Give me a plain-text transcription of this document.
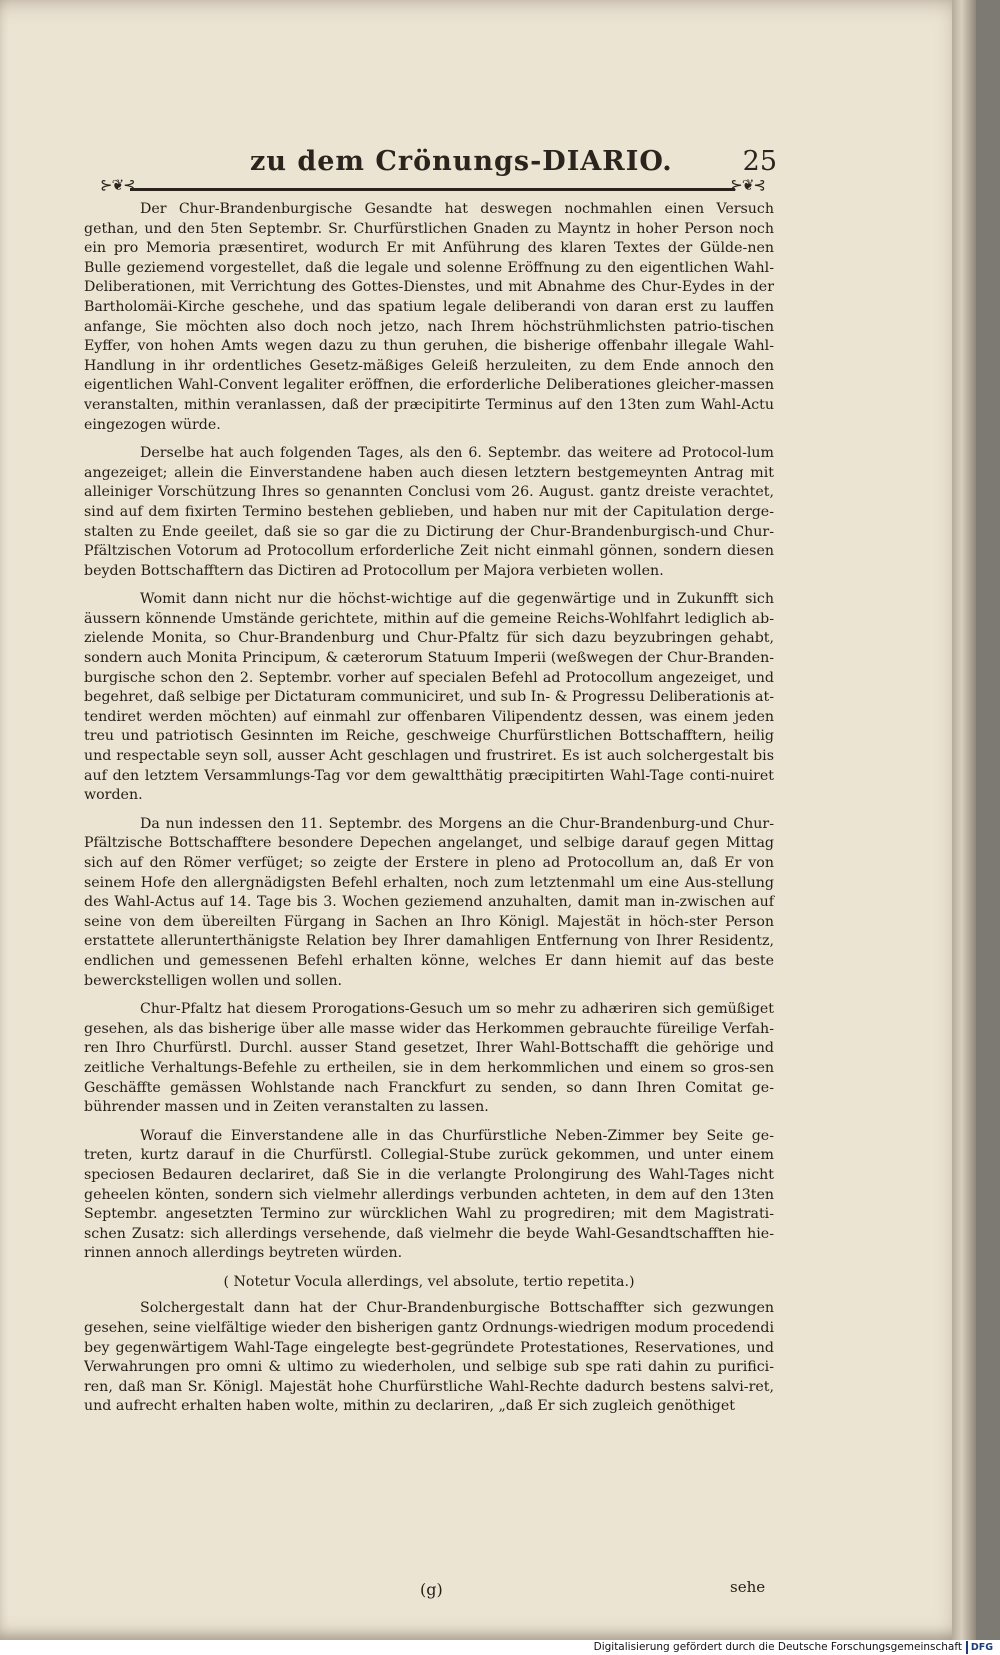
zu dem Crönungs-DIARIO.	25
⊱❦⊰	⊱❦⊰

Der Chur-Brandenburgische Gesandte hat deswegen nochmahlen einen Versuch gethan, und den 5ten Septembr. Sr. Churfürstlichen Gnaden zu Mayntz in hoher Person noch ein pro Memoria præsentiret, wodurch Er mit Anführung des klaren Textes der Gülde-nen Bulle geziemend vorgestellet, daß die legale und solenne Eröffnung zu den eigentlichen Wahl-Deliberationen, mit Verrichtung des Gottes-Dienstes, und mit Abnahme des Chur-Eydes in der Bartholomäi-Kirche geschehe, und das spatium legale deliberandi von daran erst zu lauffen anfange, Sie möchten also doch noch jetzo, nach Ihrem höchstrühmlichsten patrio-tischen Eyffer, von hohen Amts wegen dazu zu thun geruhen, die bisherige offenbahr illegale Wahl-Handlung in ihr ordentliches Gesetz-mäßiges Geleiß herzuleiten, zu dem Ende annoch den eigentlichen Wahl-Convent legaliter eröffnen, die erforderliche Deliberationes gleicher-massen veranstalten, mithin veranlassen, daß der præcipitirte Terminus auf den 13ten zum Wahl-Actu eingezogen würde.

Derselbe hat auch folgenden Tages, als den 6. Septembr. das weitere ad Protocol-lum angezeiget; allein die Einverstandene haben auch diesen letztern bestgemeynten Antrag mit alleiniger Vorschützung Ihres so genannten Conclusi vom 26. August. gantz dreiste verachtet, sind auf dem fixirten Termino bestehen geblieben, und haben nur mit der Capitulation derge-stalten zu Ende geeilet, daß sie so gar die zu Dictirung der Chur-Brandenburgisch-und Chur-Pfältzischen Votorum ad Protocollum erforderliche Zeit nicht einmahl gönnen, sondern diesen beyden Bottschafftern das Dictiren ad Protocollum per Majora verbieten wollen.

Womit dann nicht nur die höchst-wichtige auf die gegenwärtige und in Zukunfft sich äussern könnende Umstände gerichtete, mithin auf die gemeine Reichs-Wohlfahrt lediglich ab-zielende Monita, so Chur-Brandenburg und Chur-Pfaltz für sich dazu beyzubringen gehabt, sondern auch Monita Principum, & cæterorum Statuum Imperii (weßwegen der Chur-Branden-burgische schon den 2. Septembr. vorher auf specialen Befehl ad Protocollum angezeiget, und begehret, daß selbige per Dictaturam communiciret, und sub In- & Progressu Deliberationis at-tendiret werden möchten) auf einmahl zur offenbaren Vilipendentz dessen, was einem jeden treu und patriotisch Gesinnten im Reiche, geschweige Churfürstlichen Bottschafftern, heilig und respectable seyn soll, ausser Acht geschlagen und frustriret. Es ist auch solchergestalt bis auf den letztem Versammlungs-Tag vor dem gewaltthätig præcipitirten Wahl-Tage conti-nuiret worden.

Da nun indessen den 11. Septembr. des Morgens an die Chur-Brandenburg-und Chur-Pfältzische Bottschafftere besondere Depechen angelanget, und selbige darauf gegen Mittag sich auf den Römer verfüget; so zeigte der Erstere in pleno ad Protocollum an, daß Er von seinem Hofe den allergnädigsten Befehl erhalten, noch zum letztenmahl um eine Aus-stellung des Wahl-Actus auf 14. Tage bis 3. Wochen geziemend anzuhalten, damit man in-zwischen auf seine von dem übereilten Fürgang in Sachen an Ihro Königl. Majestät in höch-ster Person erstattete allerunterthänigste Relation bey Ihrer damahligen Entfernung von Ihrer Residentz, endlichen und gemessenen Befehl erhalten könne, welches Er dann hiemit auf das beste bewerckstelligen wollen und sollen.

Chur-Pfaltz hat diesem Prorogations-Gesuch um so mehr zu adhæriren sich gemüßiget gesehen, als das bisherige über alle masse wider das Herkommen gebrauchte füreilige Verfah-ren Ihro Churfürstl. Durchl. ausser Stand gesetzet, Ihrer Wahl-Bottschafft die gehörige und zeitliche Verhaltungs-Befehle zu ertheilen, sie in dem herkommlichen und einem so gros-sen Geschäffte gemässen Wohlstande nach Franckfurt zu senden, so dann Ihren Comitat ge-bührender massen und in Zeiten veranstalten zu lassen.

Worauf die Einverstandene alle in das Churfürstliche Neben-Zimmer bey Seite ge-treten, kurtz darauf in die Churfürstl. Collegial-Stube zurück gekommen, und unter einem speciosen Bedauren declariret, daß Sie in die verlangte Prolongirung des Wahl-Tages nicht geheelen könten, sondern sich vielmehr allerdings verbunden achteten, in dem auf den 13ten Septembr. angesetzten Termino zur würcklichen Wahl zu progrediren; mit dem Magistrati-schen Zusatz: sich allerdings versehende, daß vielmehr die beyde Wahl-Gesandtschafften hie-rinnen annoch allerdings beytreten würden.

( Notetur Vocula allerdings, vel absolute, tertio repetita.)

Solchergestalt dann hat der Chur-Brandenburgische Bottschaffter sich gezwungen gesehen, seine vielfältige wieder den bisherigen gantz Ordnungs-wiedrigen modum procedendi bey gegenwärtigem Wahl-Tage eingelegte best-gegründete Protestationes, Reservationes, und Verwahrungen pro omni & ultimo zu wiederholen, und selbige sub spe rati dahin zu purifici-ren, daß man Sr. Königl. Majestät hohe Churfürstliche Wahl-Rechte dadurch bestens salvi-ret, und aufrecht erhalten haben wolte, mithin zu declariren, „daß Er sich zugleich genöthiget

(g)	sehe
Digitalisierung gefördert durch die Deutsche Forschungsgemeinschaft DFG
